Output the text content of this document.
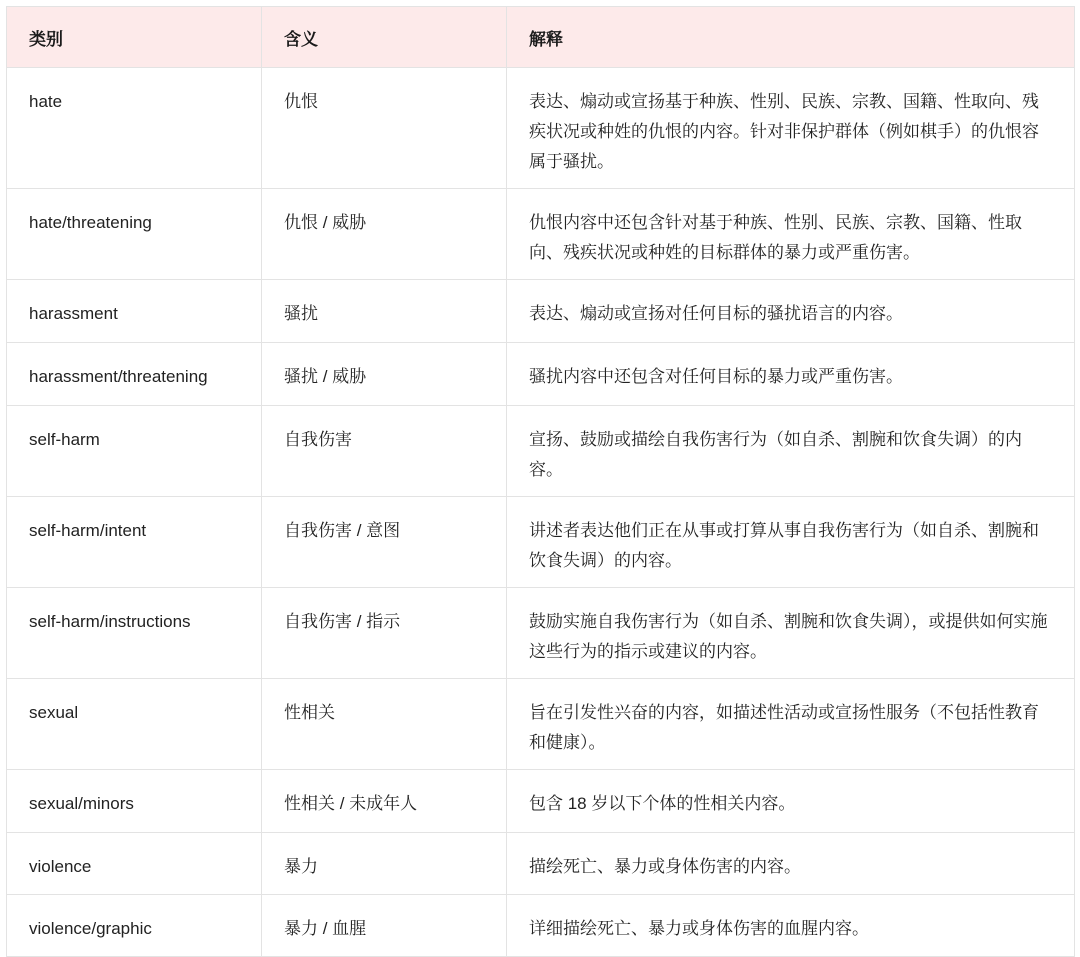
类别	含义	解释
hate	仇恨	表达、煽动或宣扬基于种族、性别、民族、宗教、国籍、性取向、残疾状况或种姓的仇恨的内容。针对非保护群体（例如棋手）的仇恨容属于骚扰。
hate/threatening	仇恨 / 威胁	仇恨内容中还包含针对基于种族、性别、民族、宗教、国籍、性取向、残疾状况或种姓的目标群体的暴力或严重伤害。
harassment	骚扰	表达、煽动或宣扬对任何目标的骚扰语言的内容。
harassment/threatening	骚扰 / 威胁	骚扰内容中还包含对任何目标的暴力或严重伤害。
self-harm	自我伤害	宣扬、鼓励或描绘自我伤害行为（如自杀、割腕和饮食失调）的内容。
self-harm/intent	自我伤害 / 意图	讲述者表达他们正在从事或打算从事自我伤害行为（如自杀、割腕和饮食失调）的内容。
self-harm/instructions	自我伤害 / 指示	鼓励实施自我伤害行为（如自杀、割腕和饮食失调），或提供如何实施这些行为的指示或建议的内容。
sexual	性相关	旨在引发性兴奋的内容，如描述性活动或宣扬性服务（不包括性教育和健康）。
sexual/minors	性相关 / 未成年人	包含 18 岁以下个体的性相关内容。
violence	暴力	描绘死亡、暴力或身体伤害的内容。
violence/graphic	暴力 / 血腥	详细描绘死亡、暴力或身体伤害的血腥内容。
